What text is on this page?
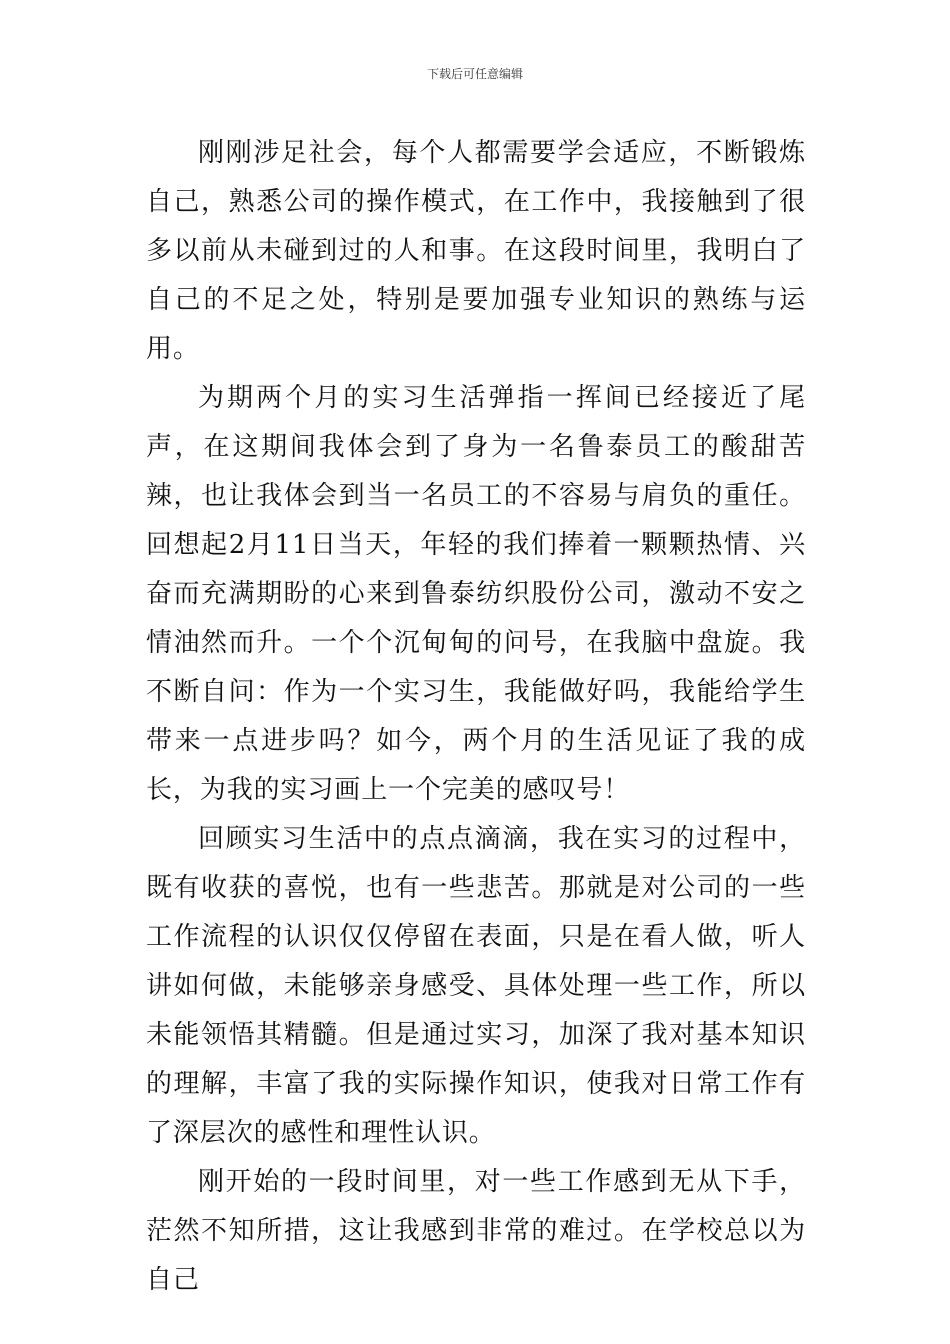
下载后可任意编辑

刚刚涉足社会，每个人都需要学会适应，不断锻炼自己，熟悉公司的操作模式，在工作中，我接触到了很多以前从未碰到过的人和事。在这段时间里，我明白了自己的不足之处，特别是要加强专业知识的熟练与运用。

为期两个月的实习生活弹指一挥间已经接近了尾声，在这期间我体会到了身为一名鲁泰员工的酸甜苦辣，也让我体会到当一名员工的不容易与肩负的重任。回想起2月11日当天，年轻的我们捧着一颗颗热情、兴奋而充满期盼的心来到鲁泰纺织股份公司，激动不安之情油然而升。一个个沉甸甸的问号，在我脑中盘旋。我不断自问：作为一个实习生，我能做好吗，我能给学生带来一点进步吗？如今，两个月的生活见证了我的成长，为我的实习画上一个完美的感叹号！

回顾实习生活中的点点滴滴，我在实习的过程中，既有收获的喜悦，也有一些悲苦。那就是对公司的一些工作流程的认识仅仅停留在表面，只是在看人做，听人讲如何做，未能够亲身感受、具体处理一些工作，所以未能领悟其精髓。但是通过实习，加深了我对基本知识的理解，丰富了我的实际操作知识，使我对日常工作有了深层次的感性和理性认识。

刚开始的一段时间里，对一些工作感到无从下手，茫然不知所措，这让我感到非常的难过。在学校总以为自己
